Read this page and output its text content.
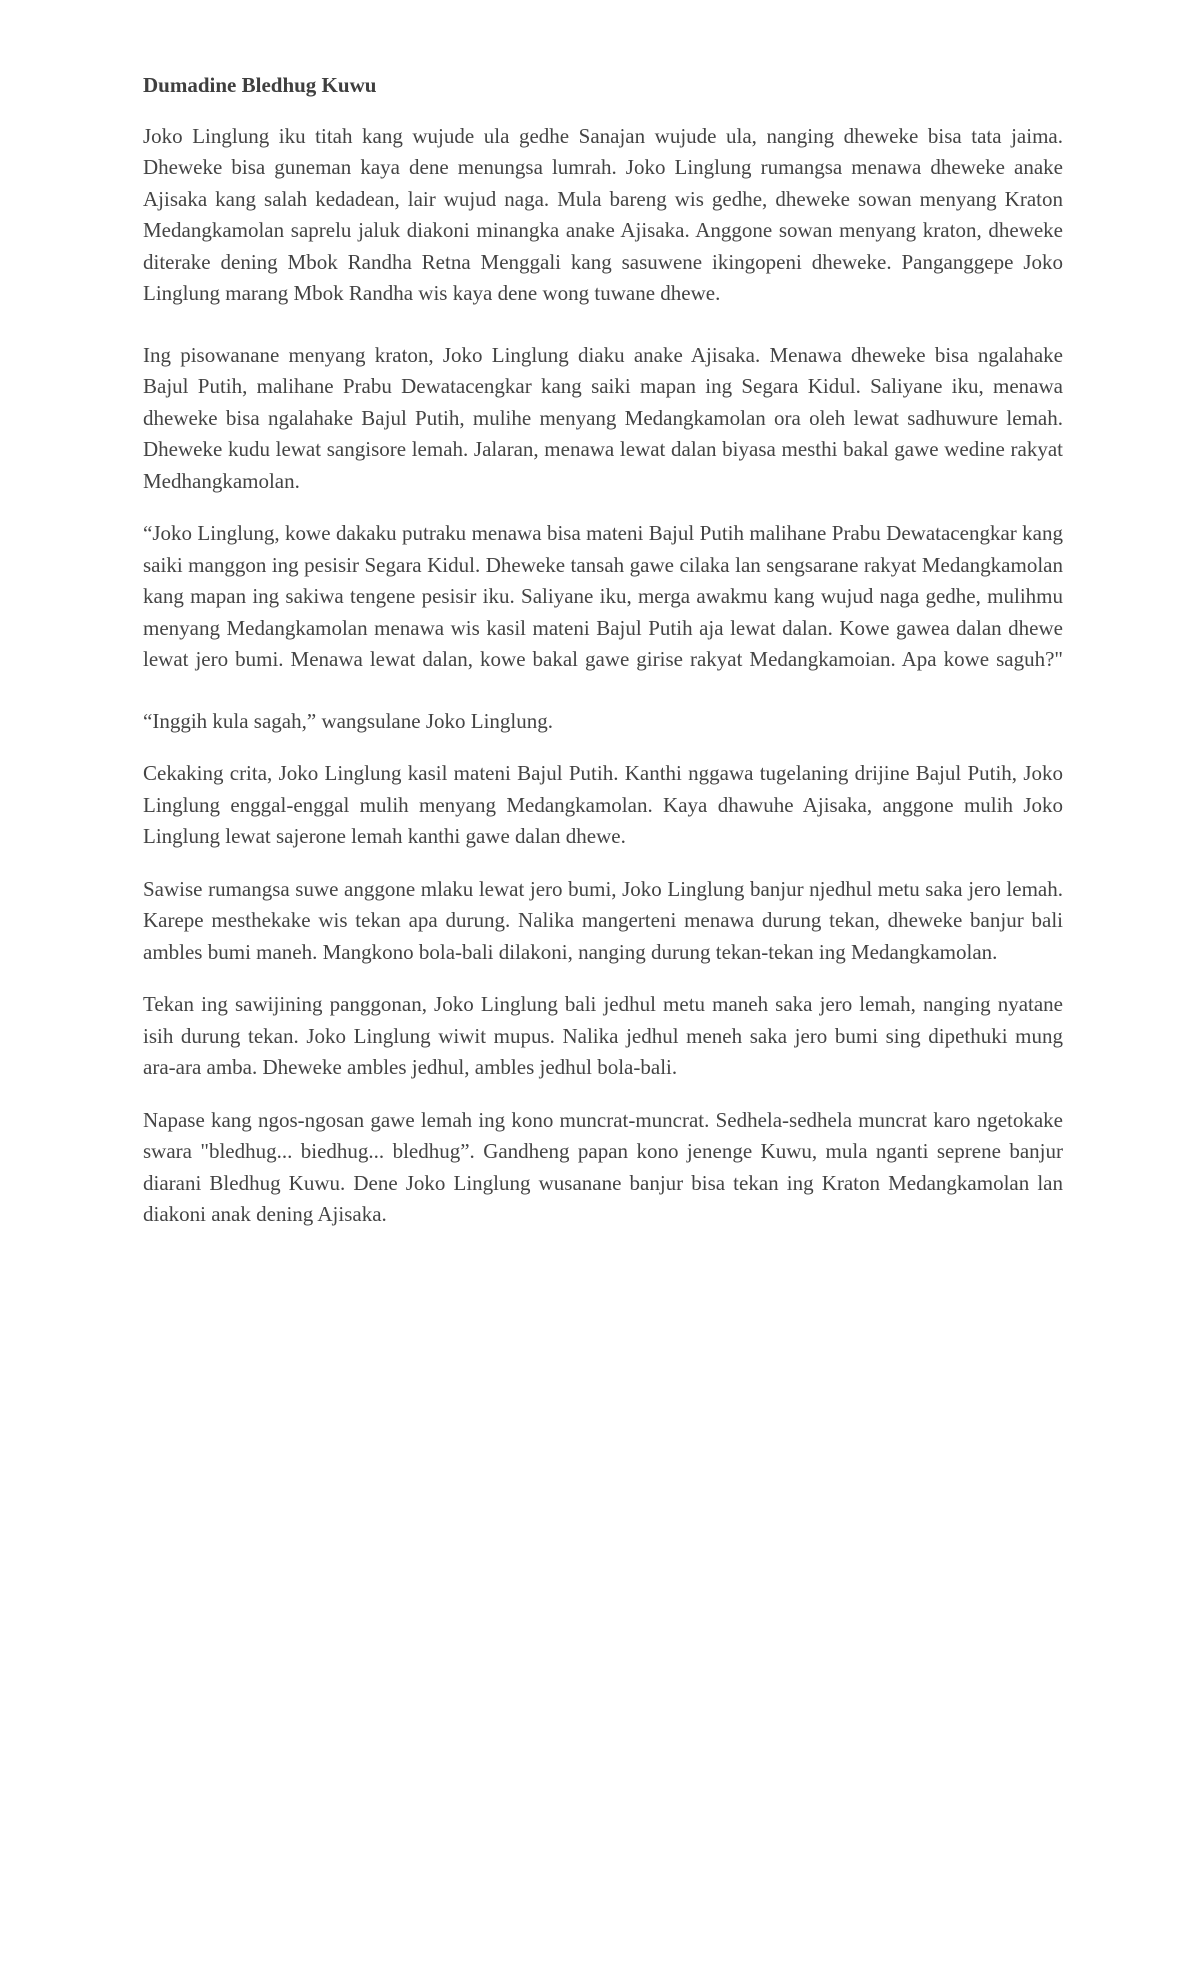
Dumadine Bledhug Kuwu

Joko Linglung iku titah kang wujude ula gedhe Sanajan wujude ula, nanging dheweke bisa tata jaima. Dheweke bisa guneman kaya dene menungsa lumrah. Joko Linglung rumangsa menawa dheweke anake Ajisaka kang salah kedadean, lair wujud naga. Mula bareng wis gedhe, dheweke sowan menyang Kraton Medangkamolan saprelu jaluk diakoni minangka anake Ajisaka. Anggone sowan menyang kraton, dheweke diterake dening Mbok Randha Retna Menggali kang sasuwene ikingopeni dheweke. Panganggepe Joko Linglung marang Mbok Randha wis kaya dene wong tuwane dhewe.

Ing pisowanane menyang kraton, Joko Linglung diaku anake Ajisaka. Menawa dheweke bisa ngalahake Bajul Putih, malihane Prabu Dewatacengkar kang saiki mapan ing Segara Kidul. Saliyane iku, menawa dheweke bisa ngalahake Bajul Putih, mulihe menyang Medangkamolan ora oleh lewat sadhuwure lemah. Dheweke kudu lewat sangisore lemah. Jalaran, menawa lewat dalan biyasa mesthi bakal gawe wedine rakyat Medhangkamolan.

“Joko Linglung, kowe dakaku putraku menawa bisa mateni Bajul Putih malihane Prabu Dewatacengkar kang saiki manggon ing pesisir Segara Kidul. Dheweke tansah gawe cilaka lan sengsarane rakyat Medangkamolan kang mapan ing sakiwa tengene pesisir iku. Saliyane iku, merga awakmu kang wujud naga gedhe, mulihmu menyang Medangkamolan menawa wis kasil mateni Bajul Putih aja lewat dalan. Kowe gawea dalan dhewe lewat jero bumi. Menawa lewat dalan, kowe bakal gawe girise rakyat Medangkamoian. Apa kowe saguh?"

“Inggih kula sagah,” wangsulane Joko Linglung.

Cekaking crita, Joko Linglung kasil mateni Bajul Putih. Kanthi nggawa tugelaning drijine Bajul Putih, Joko Linglung enggal-enggal mulih menyang Medangkamolan. Kaya dhawuhe Ajisaka, anggone mulih Joko Linglung lewat sajerone lemah kanthi gawe dalan dhewe.

Sawise rumangsa suwe anggone mlaku lewat jero bumi, Joko Linglung banjur njedhul metu saka jero lemah. Karepe mesthekake wis tekan apa durung. Nalika mangerteni menawa durung tekan, dheweke banjur bali ambles bumi maneh. Mangkono bola-bali dilakoni, nanging durung tekan-tekan ing Medangkamolan.

Tekan ing sawijining panggonan, Joko Linglung bali jedhul metu maneh saka jero lemah, nanging nyatane isih durung tekan. Joko Linglung wiwit mupus. Nalika jedhul meneh saka jero bumi sing dipethuki mung ara-ara amba. Dheweke ambles jedhul, ambles jedhul bola-bali.

Napase kang ngos-ngosan gawe lemah ing kono muncrat-muncrat. Sedhela-sedhela muncrat karo ngetokake swara "bledhug... biedhug... bledhug”. Gandheng papan kono jenenge Kuwu, mula nganti seprene banjur diarani Bledhug Kuwu. Dene Joko Linglung wusanane banjur bisa tekan ing Kraton Medangkamolan lan diakoni anak dening Ajisaka.
